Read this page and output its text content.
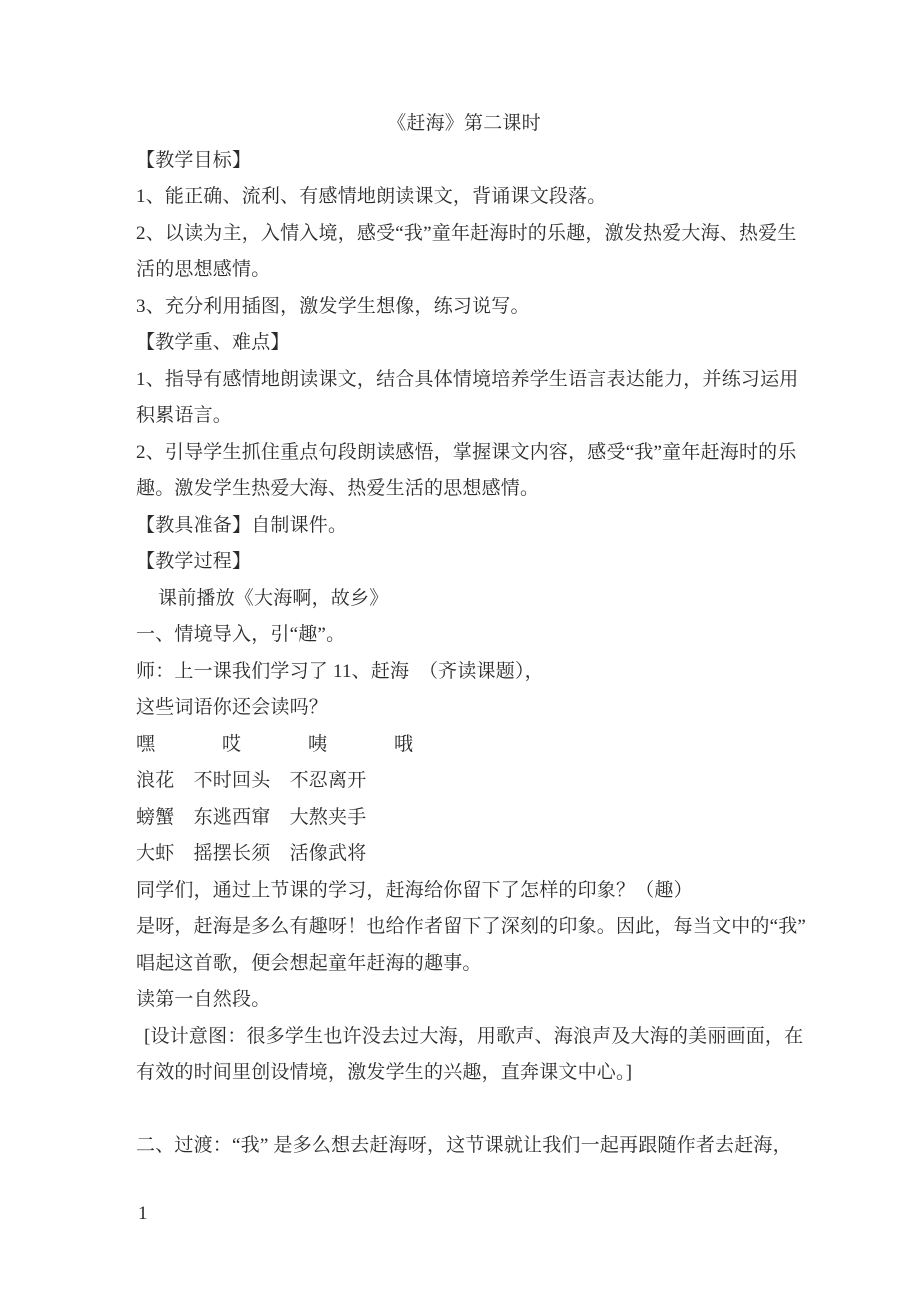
《赶海》第二课时
【教学目标】
1、能正确、流利、有感情地朗读课文，背诵课文段落。
2、以读为主，入情入境，感受“我”童年赶海时的乐趣，激发热爱大海、热爱生
活的思想感情。
3、充分利用插图，激发学生想像，练习说写。
【教学重、难点】
1、指导有感情地朗读课文，结合具体情境培养学生语言表达能力，并练习运用
积累语言。
2、引导学生抓住重点句段朗读感悟，掌握课文内容，感受“我”童年赶海时的乐
趣。激发学生热爱大海、热爱生活的思想感情。
【教具准备】自制课件。
【教学过程】
课前播放《大海啊，故乡》
一、情境导入，引“趣”。
师：上一课我们学习了 11、赶海　（齐读课题），
这些词语你还会读吗？
嘿	哎	咦	哦
浪花　不时回头　不忍离开
螃蟹　东逃西窜　大熬夹手
大虾　摇摆长须　活像武将
同学们，通过上节课的学习，赶海给你留下了怎样的印象？（趣）
是呀，赶海是多么有趣呀！也给作者留下了深刻的印象。因此，每当文中的“我”
唱起这首歌，便会想起童年赶海的趣事。
读第一自然段。
[设计意图：很多学生也许没去过大海，用歌声、海浪声及大海的美丽画面，在
有效的时间里创设情境，激发学生的兴趣，直奔课文中心。]
二、过渡：“我” 是多么想去赶海呀，这节课就让我们一起再跟随作者去赶海，
1
